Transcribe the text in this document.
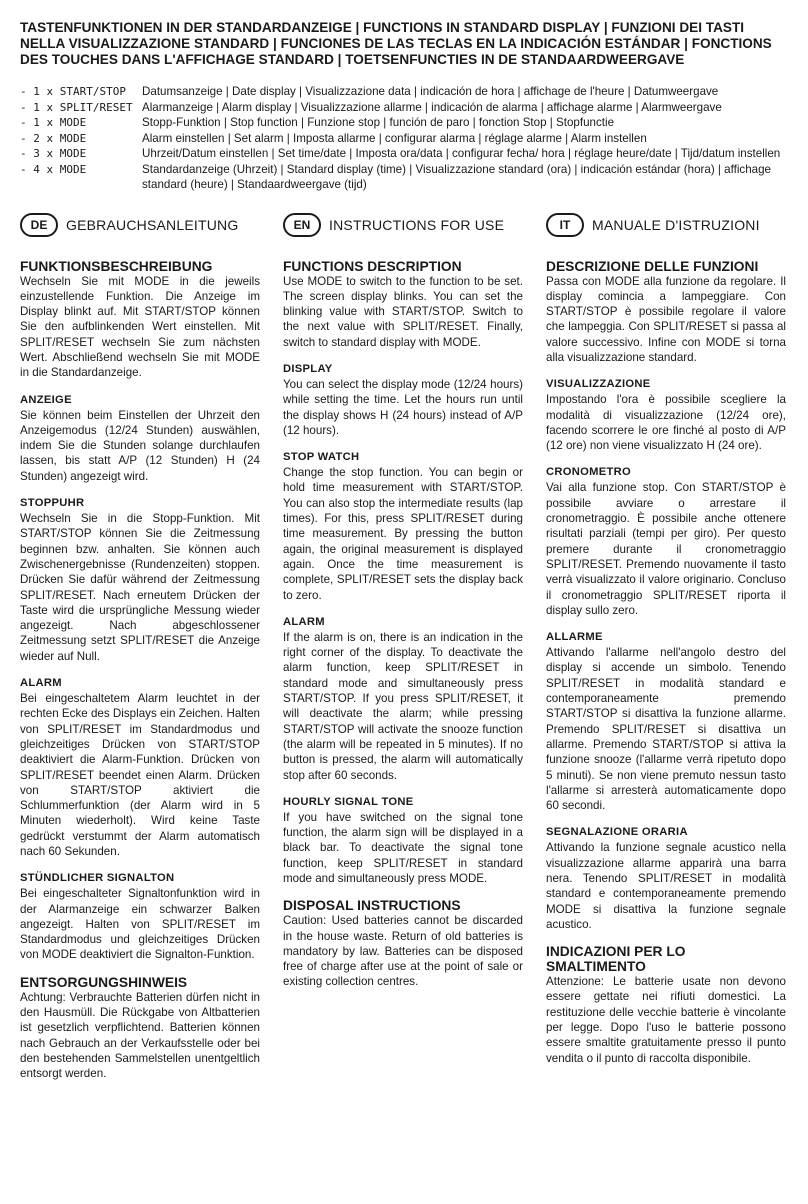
TASTENFUNKTIONEN IN DER STANDARDANZEIGE | FUNCTIONS IN STANDARD DISPLAY | FUNZIONI DEI TASTI NELLA VISUALIZZAZIONE STANDARD | FUNCIONES DE LAS TECLAS EN LA INDICACIÓN ESTÁNDAR | FONCTIONS DES TOUCHES DANS L'AFFICHAGE STANDARD | TOETSENFUNCTIES IN DE STANDAARDWEERGAVE
- 1 x START/STOP	Datumsanzeige | Date display | Visualizzazione data | indicación de hora | affichage de l'heure | Datumweergave
- 1 x SPLIT/RESET Alarmanzeige | Alarm display | Visualizzazione allarme | indicación de alarma | affichage alarme | Alarmweergave
- 1 x MODE	Stopp-Funktion | Stop function | Funzione stop | función de paro | fonction Stop | Stopfunctie
- 2 x MODE	Alarm einstellen | Set alarm | Imposta allarme | configurar alarma | réglage alarme | Alarm instellen
- 3 x MODE	Uhrzeit/Datum einstellen | Set time/date | Imposta ora/data | configurar fecha/ hora | réglage heure/date | Tijd/datum instellen
- 4 x MODE	Standardanzeige (Uhrzeit) | Standard display (time) | Visualizzazione standard (ora) | indicación estándar (hora) | affichage standard (heure) | Standaardweergave (tijd)
DE	GEBRAUCHSANLEITUNG
FUNKTIONSBESCHREIBUNG

Wechseln Sie mit MODE in die jeweils einzustellende Funktion. Die Anzeige im Display blinkt auf. Mit START/STOP können Sie den aufblinkenden Wert einstellen. Mit SPLIT/RESET wechseln Sie zum nächsten Wert. Abschließend wechseln Sie mit MODE in die Standardanzeige.

ANZEIGE

Sie können beim Einstellen der Uhrzeit den Anzeigemodus (12/24 Stunden) auswählen, indem Sie die Stunden solange durchlaufen lassen, bis statt A/P (12 Stunden) H (24 Stunden) angezeigt wird.

STOPPUHR

Wechseln Sie in die Stopp-Funktion. Mit START/STOP können Sie die Zeitmessung beginnen bzw. anhalten. Sie können auch Zwischenergebnisse (Rundenzeiten) stoppen. Drücken Sie dafür während der Zeitmessung SPLIT/RESET. Nach erneutem Drücken der Taste wird die ursprüngliche Messung wieder angezeigt. Nach abgeschlossener Zeitmessung setzt SPLIT/RESET die Anzeige wieder auf Null.

ALARM

Bei eingeschaltetem Alarm leuchtet in der rechten Ecke des Displays ein Zeichen. Halten von SPLIT/RESET im Standardmodus und gleichzeitiges Drücken von START/STOP deaktiviert die Alarm-Funktion. Drücken von SPLIT/RESET beendet einen Alarm. Drücken von START/STOP aktiviert die Schlummerfunktion (der Alarm wird in 5 Minuten wiederholt). Wird keine Taste gedrückt verstummt der Alarm automatisch nach 60 Sekunden.

STÜNDLICHER SIGNALTON

Bei eingeschalteter Signaltonfunktion wird in der Alarmanzeige ein schwarzer Balken angezeigt. Halten von SPLIT/RESET im Standardmodus und gleichzeitiges Drücken von MODE deaktiviert die Signalton-Funktion.

ENTSORGUNGSHINWEIS

Achtung: Verbrauchte Batterien dürfen nicht in den Hausmüll. Die Rückgabe von Altbatterien ist gesetzlich verpflichtend. Batterien können nach Gebrauch an der Verkaufsstelle oder bei den bestehenden Sammelstellen unentgeltlich entsorgt werden.

EN	INSTRUCTIONS FOR USE
FUNCTIONS DESCRIPTION

Use MODE to switch to the function to be set. The screen display blinks. You can set the blinking value with START/STOP. Switch to the next value with SPLIT/RESET. Finally, switch to standard display with MODE.

DISPLAY

You can select the display mode (12/24 hours) while setting the time. Let the hours run until the display shows H (24 hours) instead of A/P (12 hours).

STOP WATCH

Change the stop function. You can begin or hold time measurement with START/STOP. You can also stop the intermediate results (lap times). For this, press SPLIT/RESET during time measurement. By pressing the button again, the original measurement is displayed again. Once the time measurement is complete, SPLIT/RESET sets the display back to zero.

ALARM

If the alarm is on, there is an indication in the right corner of the display. To deactivate the alarm function, keep SPLIT/RESET in standard mode and simultaneously press START/STOP. If you press SPLIT/RESET, it will deactivate the alarm; while pressing START/STOP will activate the snooze function (the alarm will be repeated in 5 minutes). If no button is pressed, the alarm will automatically stop after 60 seconds.

HOURLY SIGNAL TONE

If you have switched on the signal tone function, the alarm sign will be displayed in a black bar. To deactivate the signal tone function, keep SPLIT/RESET in standard mode and simultaneously press MODE.

DISPOSAL INSTRUCTIONS

Caution: Used batteries cannot be discarded in the house waste. Return of old batteries is mandatory by law. Batteries can be disposed free of charge after use at the point of sale or existing collection centres.

IT	MANUALE D'ISTRUZIONI
DESCRIZIONE DELLE FUNZIONI

Passa con MODE alla funzione da regolare. Il display comincia a lampeggiare. Con START/STOP è possibile regolare il valore che lampeggia. Con SPLIT/RESET si passa al valore successivo. Infine con MODE si torna alla visualizzazione standard.

VISUALIZZAZIONE

Impostando l'ora è possibile scegliere la modalità di visualizzazione (12/24 ore), facendo scorrere le ore finché al posto di A/P (12 ore) non viene visualizzato H (24 ore).

CRONOMETRO

Vai alla funzione stop. Con START/STOP è possibile avviare o arrestare il cronometraggio. È possibile anche ottenere risultati parziali (tempi per giro). Per questo premere durante il cronometraggio SPLIT/RESET. Premendo nuovamente il tasto verrà visualizzato il valore originario. Concluso il cronometraggio SPLIT/RESET riporta il display sullo zero.

ALLARME

Attivando l'allarme nell'angolo destro del display si accende un simbolo. Tenendo SPLIT/RESET in modalità standard e contemporaneamente premendo START/STOP si disattiva la funzione allarme. Premendo SPLIT/RESET si disattiva un allarme. Premendo START/STOP si attiva la funzione snooze (l'allarme verrà ripetuto dopo 5 minuti). Se non viene premuto nessun tasto l'allarme si arresterà automaticamente dopo 60 secondi.

SEGNALAZIONE ORARIA

Attivando la funzione segnale acustico nella visualizzazione allarme apparirà una barra nera. Tenendo SPLIT/RESET in modalità standard e contemporaneamente premendo MODE si disattiva la funzione segnale acustico.

INDICAZIONI PER LO SMALTIMENTO

Attenzione: Le batterie usate non devono essere gettate nei rifiuti domestici. La restituzione delle vecchie batterie è vincolante per legge. Dopo l'uso le batterie possono essere smaltite gratuitamente presso il punto vendita o il punto di raccolta disponibile.
